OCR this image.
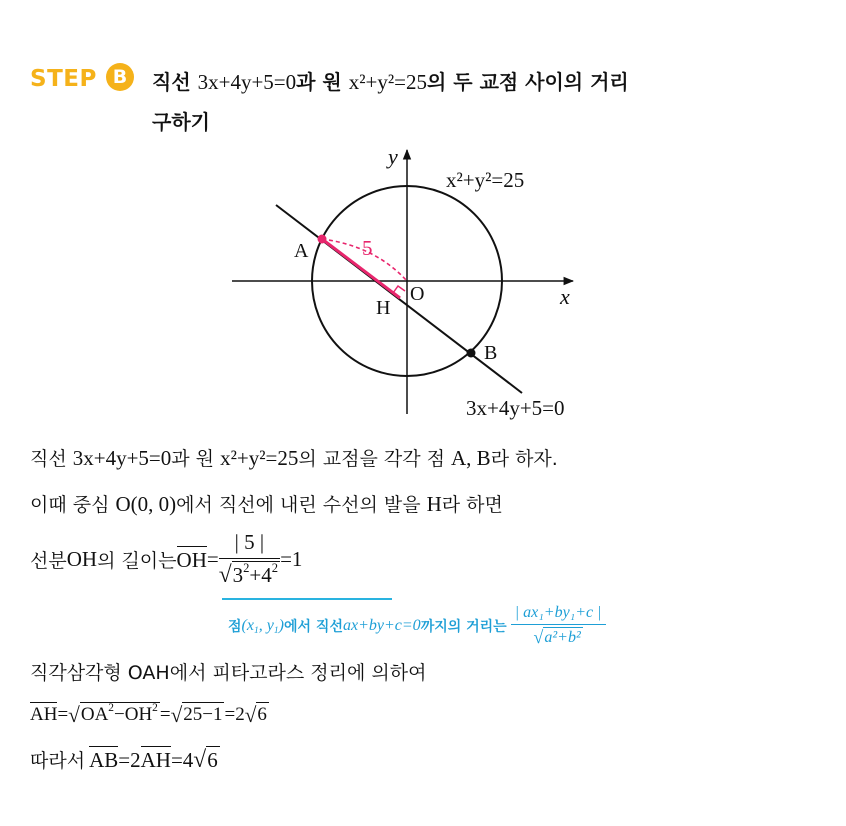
STEP B	직선 3x+4y+5=0과 원 x²+y²=25의 두 교점 사이의 거리
구하기
y
x
O
A
B
H
5
x²+y²=25
3x+4y+5=0
직선 3x+4y+5=0과 원 x²+y²=25의 교점을 각각 점 A, B라 하자.
이때 중심 O(0, 0)에서 직선에 내린 수선의 발을 H라 하면
선분 OH 의 길이는 OH = $\frac{| 5 |}{√ 3^2+4^2} =1$
점 ($x_1$, $y_1$) 에서 직선 ax+by+c=0 까지의 거리는 $\frac{\text{| ax₁+by₁+c |}}{\text{√ a²+b²}}$
직각삼각형 OAH에서 피타고라스 정리에 의하여
AH = √ $OA^2-OH^2$ = √ 25−1 =2 √ 6
따라서 AB =2 AH =4 √ 6
